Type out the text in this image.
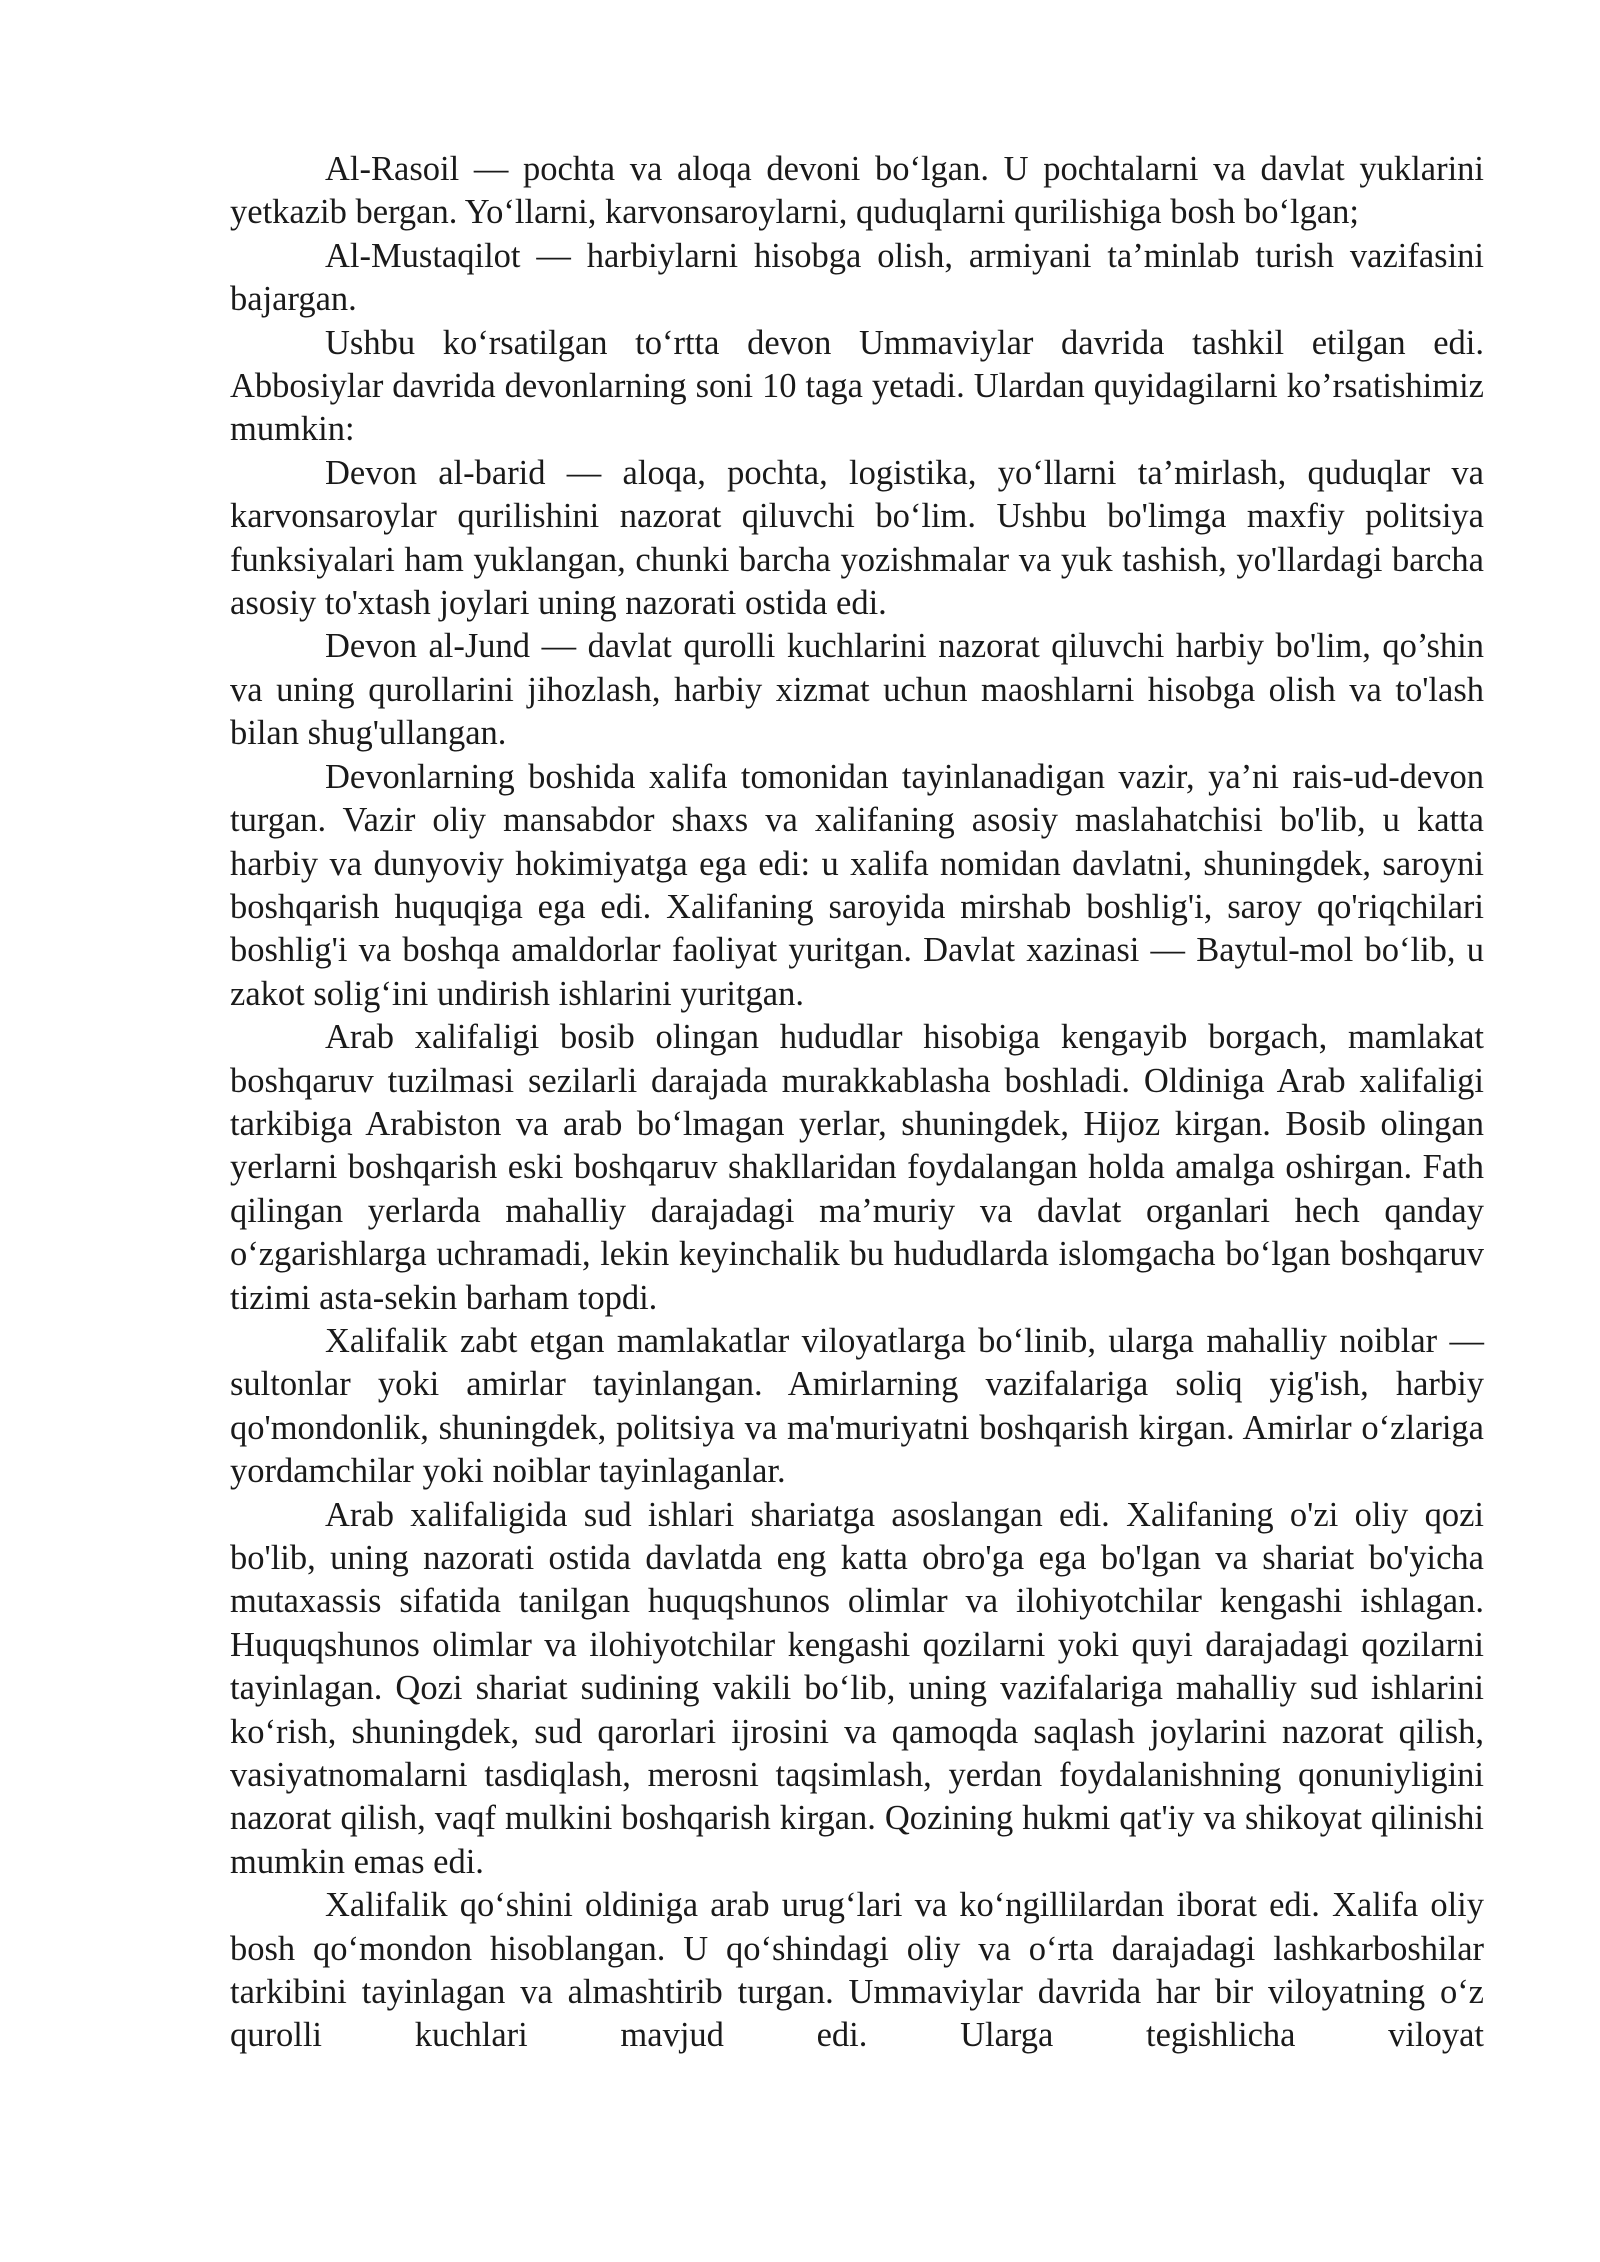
Al-Rasoil — pochta va aloqa devoni bo‘lgan. U pochtalarni va davlat yuklarini yetkazib bergan. Yo‘llarni, karvonsaroylarni, quduqlarni qurilishiga bosh bo‘lgan;

Al-Mustaqilot — harbiylarni hisobga olish, armiyani ta’minlab turish vazifasini bajargan.

Ushbu ko‘rsatilgan to‘rtta devon Ummaviylar davrida tashkil etilgan edi. Abbosiylar davrida devonlarning soni 10 taga yetadi. Ulardan quyidagilarni ko’rsatishimiz mumkin:

Devon al-barid — aloqa, pochta, logistika, yo‘llarni ta’mirlash, quduqlar va karvonsaroylar qurilishini nazorat qiluvchi bo‘lim. Ushbu bo'limga maxfiy politsiya funksiyalari ham yuklangan, chunki barcha yozishmalar va yuk tashish, yo'llardagi barcha asosiy to'xtash joylari uning nazorati ostida edi.

Devon al-Jund — davlat qurolli kuchlarini nazorat qiluvchi harbiy bo'lim, qo’shin va uning qurollarini jihozlash, harbiy xizmat uchun maoshlarni hisobga olish va to'lash bilan shug'ullangan.

Devonlarning boshida xalifa tomonidan tayinlanadigan vazir, ya’ni rais-ud-devon turgan. Vazir oliy mansabdor shaxs va xalifaning asosiy maslahatchisi bo'lib, u katta harbiy va dunyoviy hokimiyatga ega edi: u xalifa nomidan davlatni, shuningdek, saroyni boshqarish huquqiga ega edi. Xalifaning saroyida mirshab boshlig'i, saroy qo'riqchilari boshlig'i va boshqa amaldorlar faoliyat yuritgan. Davlat xazinasi — Baytul-mol bo‘lib, u zakot solig‘ini undirish ishlarini yuritgan.

Arab xalifaligi bosib olingan hududlar hisobiga kengayib borgach, mamlakat boshqaruv tuzilmasi sezilarli darajada murakkablasha boshladi. Oldiniga Arab xalifaligi tarkibiga Arabiston va arab bo‘lmagan yerlar, shuningdek, Hijoz kirgan. Bosib olingan yerlarni boshqarish eski boshqaruv shakllaridan foydalangan holda amalga oshirgan. Fath qilingan yerlarda mahalliy darajadagi ma’muriy va davlat organlari hech qanday o‘zgarishlarga uchramadi, lekin keyinchalik bu hududlarda islomgacha bo‘lgan boshqaruv tizimi asta-sekin barham topdi.

Xalifalik zabt etgan mamlakatlar viloyatlarga bo‘linib, ularga mahalliy noiblar — sultonlar yoki amirlar tayinlangan. Amirlarning vazifalariga soliq yig'ish, harbiy qo'mondonlik, shuningdek, politsiya va ma'muriyatni boshqarish kirgan. Amirlar o‘zlariga yordamchilar yoki noiblar tayinlaganlar.

Arab xalifaligida sud ishlari shariatga asoslangan edi. Xalifaning o'zi oliy qozi bo'lib, uning nazorati ostida davlatda eng katta obro'ga ega bo'lgan va shariat bo'yicha mutaxassis sifatida tanilgan huquqshunos olimlar va ilohiyotchilar kengashi ishlagan. Huquqshunos olimlar va ilohiyotchilar kengashi qozilarni yoki quyi darajadagi qozilarni tayinlagan. Qozi shariat sudining vakili bo‘lib, uning vazifalariga mahalliy sud ishlarini ko‘rish, shuningdek, sud qarorlari ijrosini va qamoqda saqlash joylarini nazorat qilish, vasiyatnomalarni tasdiqlash, merosni taqsimlash, yerdan foydalanishning qonuniyligini nazorat qilish, vaqf mulkini boshqarish kirgan. Qozining hukmi qat'iy va shikoyat qilinishi mumkin emas edi.

Xalifalik qo‘shini oldiniga arab urug‘lari va ko‘ngillilardan iborat edi. Xalifa oliy bosh qo‘mondon hisoblangan. U qo‘shindagi oliy va o‘rta darajadagi lashkarboshilar tarkibini tayinlagan va almashtirib turgan. Ummaviylar davrida har bir viloyatning o‘z qurolli kuchlari mavjud edi. Ularga tegishlicha viloyat
